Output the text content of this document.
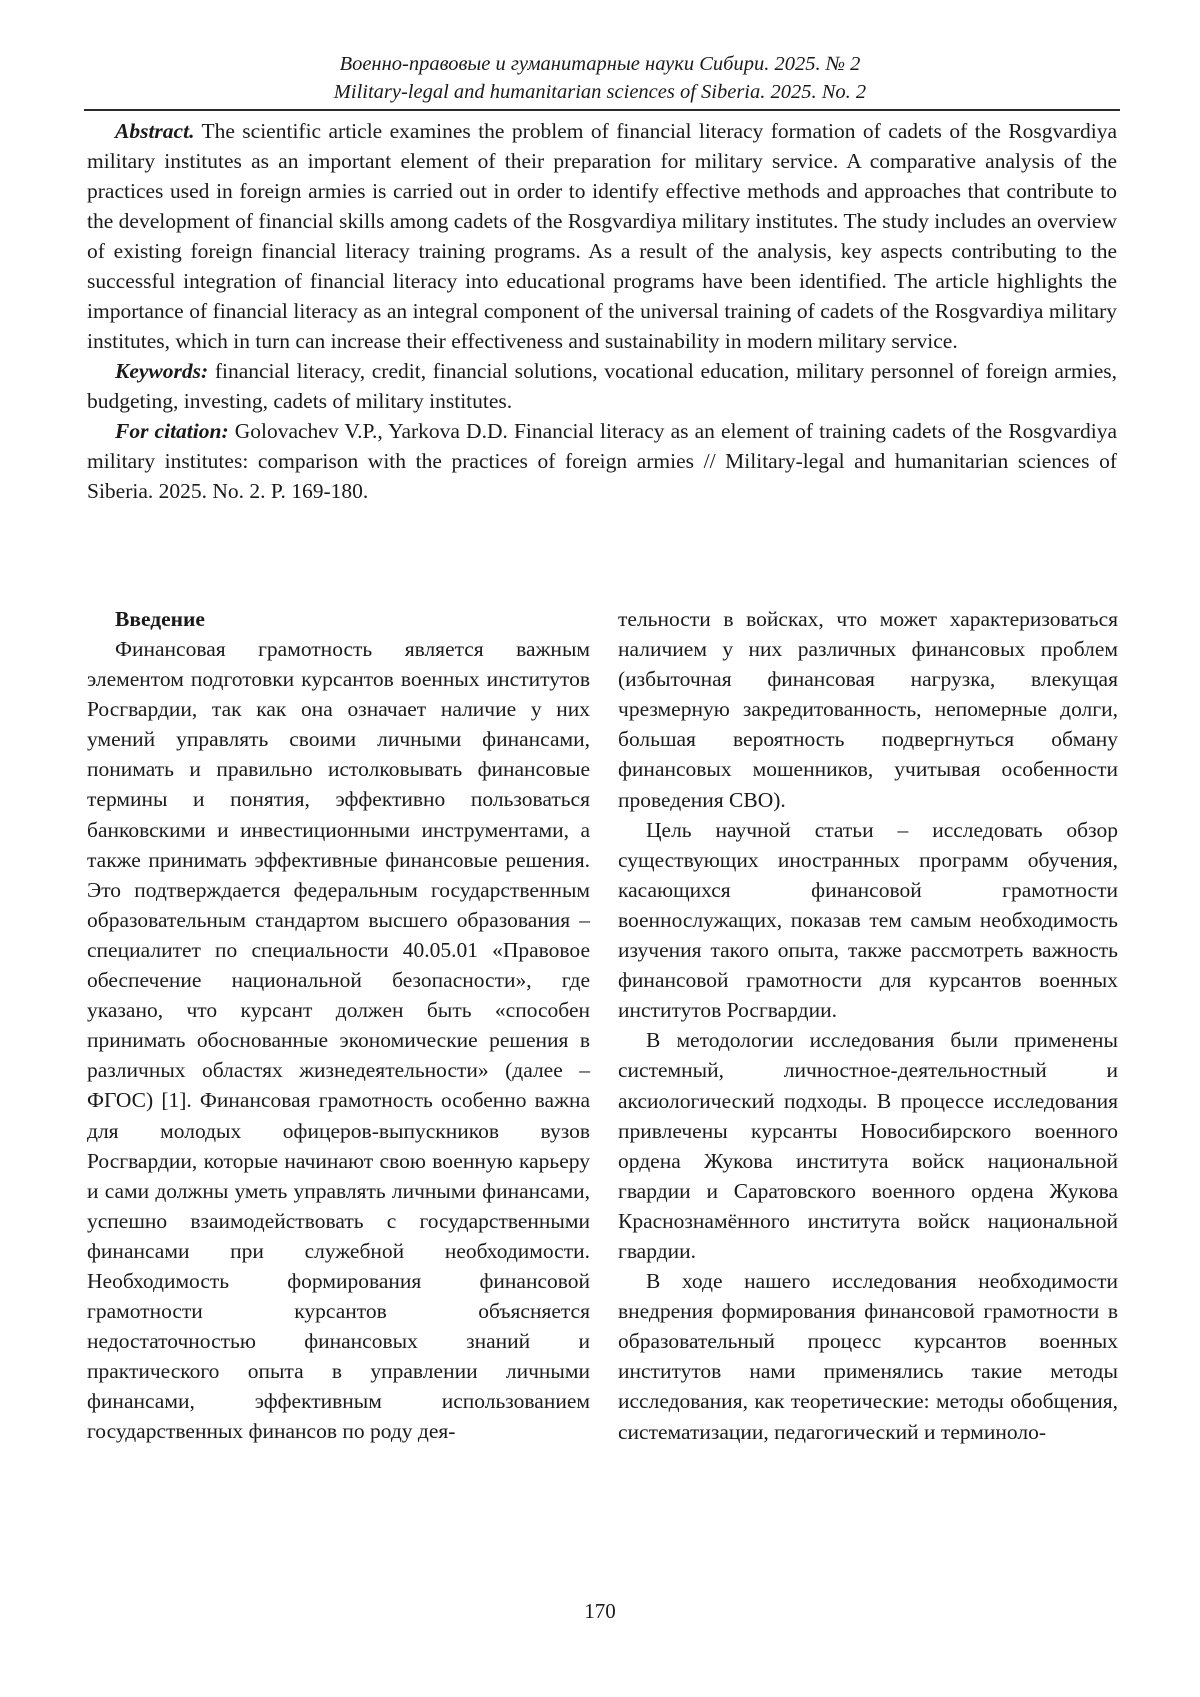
Военно-правовые и гуманитарные науки Сибири. 2025. № 2
Military-legal and humanitarian sciences of Siberia. 2025. No. 2

Abstract. The scientific article examines the problem of financial literacy formation of cadets of the Rosgvardiya military institutes as an important element of their preparation for military service. A comparative analysis of the practices used in foreign armies is carried out in order to identify effective methods and approaches that contribute to the development of financial skills among cadets of the Rosgvardiya military institutes. The study includes an overview of existing foreign financial literacy training programs. As a result of the analysis, key aspects contributing to the successful integration of financial literacy into educational programs have been identified. The article highlights the importance of financial literacy as an integral component of the universal training of cadets of the Rosgvardiya military institutes, which in turn can increase their effectiveness and sustainability in modern military service.

Keywords: financial literacy, credit, financial solutions, vocational education, military personnel of foreign armies, budgeting, investing, cadets of military institutes.

For citation: Golovachev V.P., Yarkova D.D. Financial literacy as an element of training cadets of the Rosgvardiya military institutes: comparison with the practices of foreign armies // Military-legal and humanitarian sciences of Siberia. 2025. No. 2. P. 169-180.

Введение

Финансовая грамотность является важным элементом подготовки курсантов военных институтов Росгвардии, так как она означает наличие у них умений управлять своими личными финансами, понимать и правильно истолковывать финансовые термины и понятия, эффективно пользоваться банковскими и инвестиционными инструментами, а также принимать эффективные финансовые решения. Это подтверждается федеральным государственным образовательным стандартом высшего образования – специалитет по специальности 40.05.01 «Правовое обеспечение национальной безопасности», где указано, что курсант должен быть «способен принимать обоснованные экономические решения в различных областях жизнедеятельности» (далее – ФГОС) [1]. Финансовая грамотность особенно важна для молодых офицеров-выпускников вузов Росгвардии, которые начинают свою военную карьеру и сами должны уметь управлять личными финансами, успешно взаимодействовать с государственными финансами при служебной необходимости. Необходимость формирования финансовой грамотности курсантов объясняется недостаточностью финансовых знаний и практического опыта в управлении личными финансами, эффективным использованием государственных финансов по роду дея-

тельности в войсках, что может характеризоваться наличием у них различных финансовых проблем (избыточная финансовая нагрузка, влекущая чрезмерную закредитованность, непомерные долги, большая вероятность подвергнуться обману финансовых мошенников, учитывая особенности проведения СВО).

Цель научной статьи – исследовать обзор существующих иностранных программ обучения, касающихся финансовой грамотности военнослужащих, показав тем самым необходимость изучения такого опыта, также рассмотреть важность финансовой грамотности для курсантов военных институтов Росгвардии.

В методологии исследования были применены системный, личностное-деятельностный и аксиологический подходы. В процессе исследования привлечены курсанты Новосибирского военного ордена Жукова института войск национальной гвардии и Саратовского военного ордена Жукова Краснознамённого института войск национальной гвардии.

В ходе нашего исследования необходимости внедрения формирования финансовой грамотности в образовательный процесс курсантов военных институтов нами применялись такие методы исследования, как теоретические: методы обобщения, систематизации, педагогический и терминоло-

170
